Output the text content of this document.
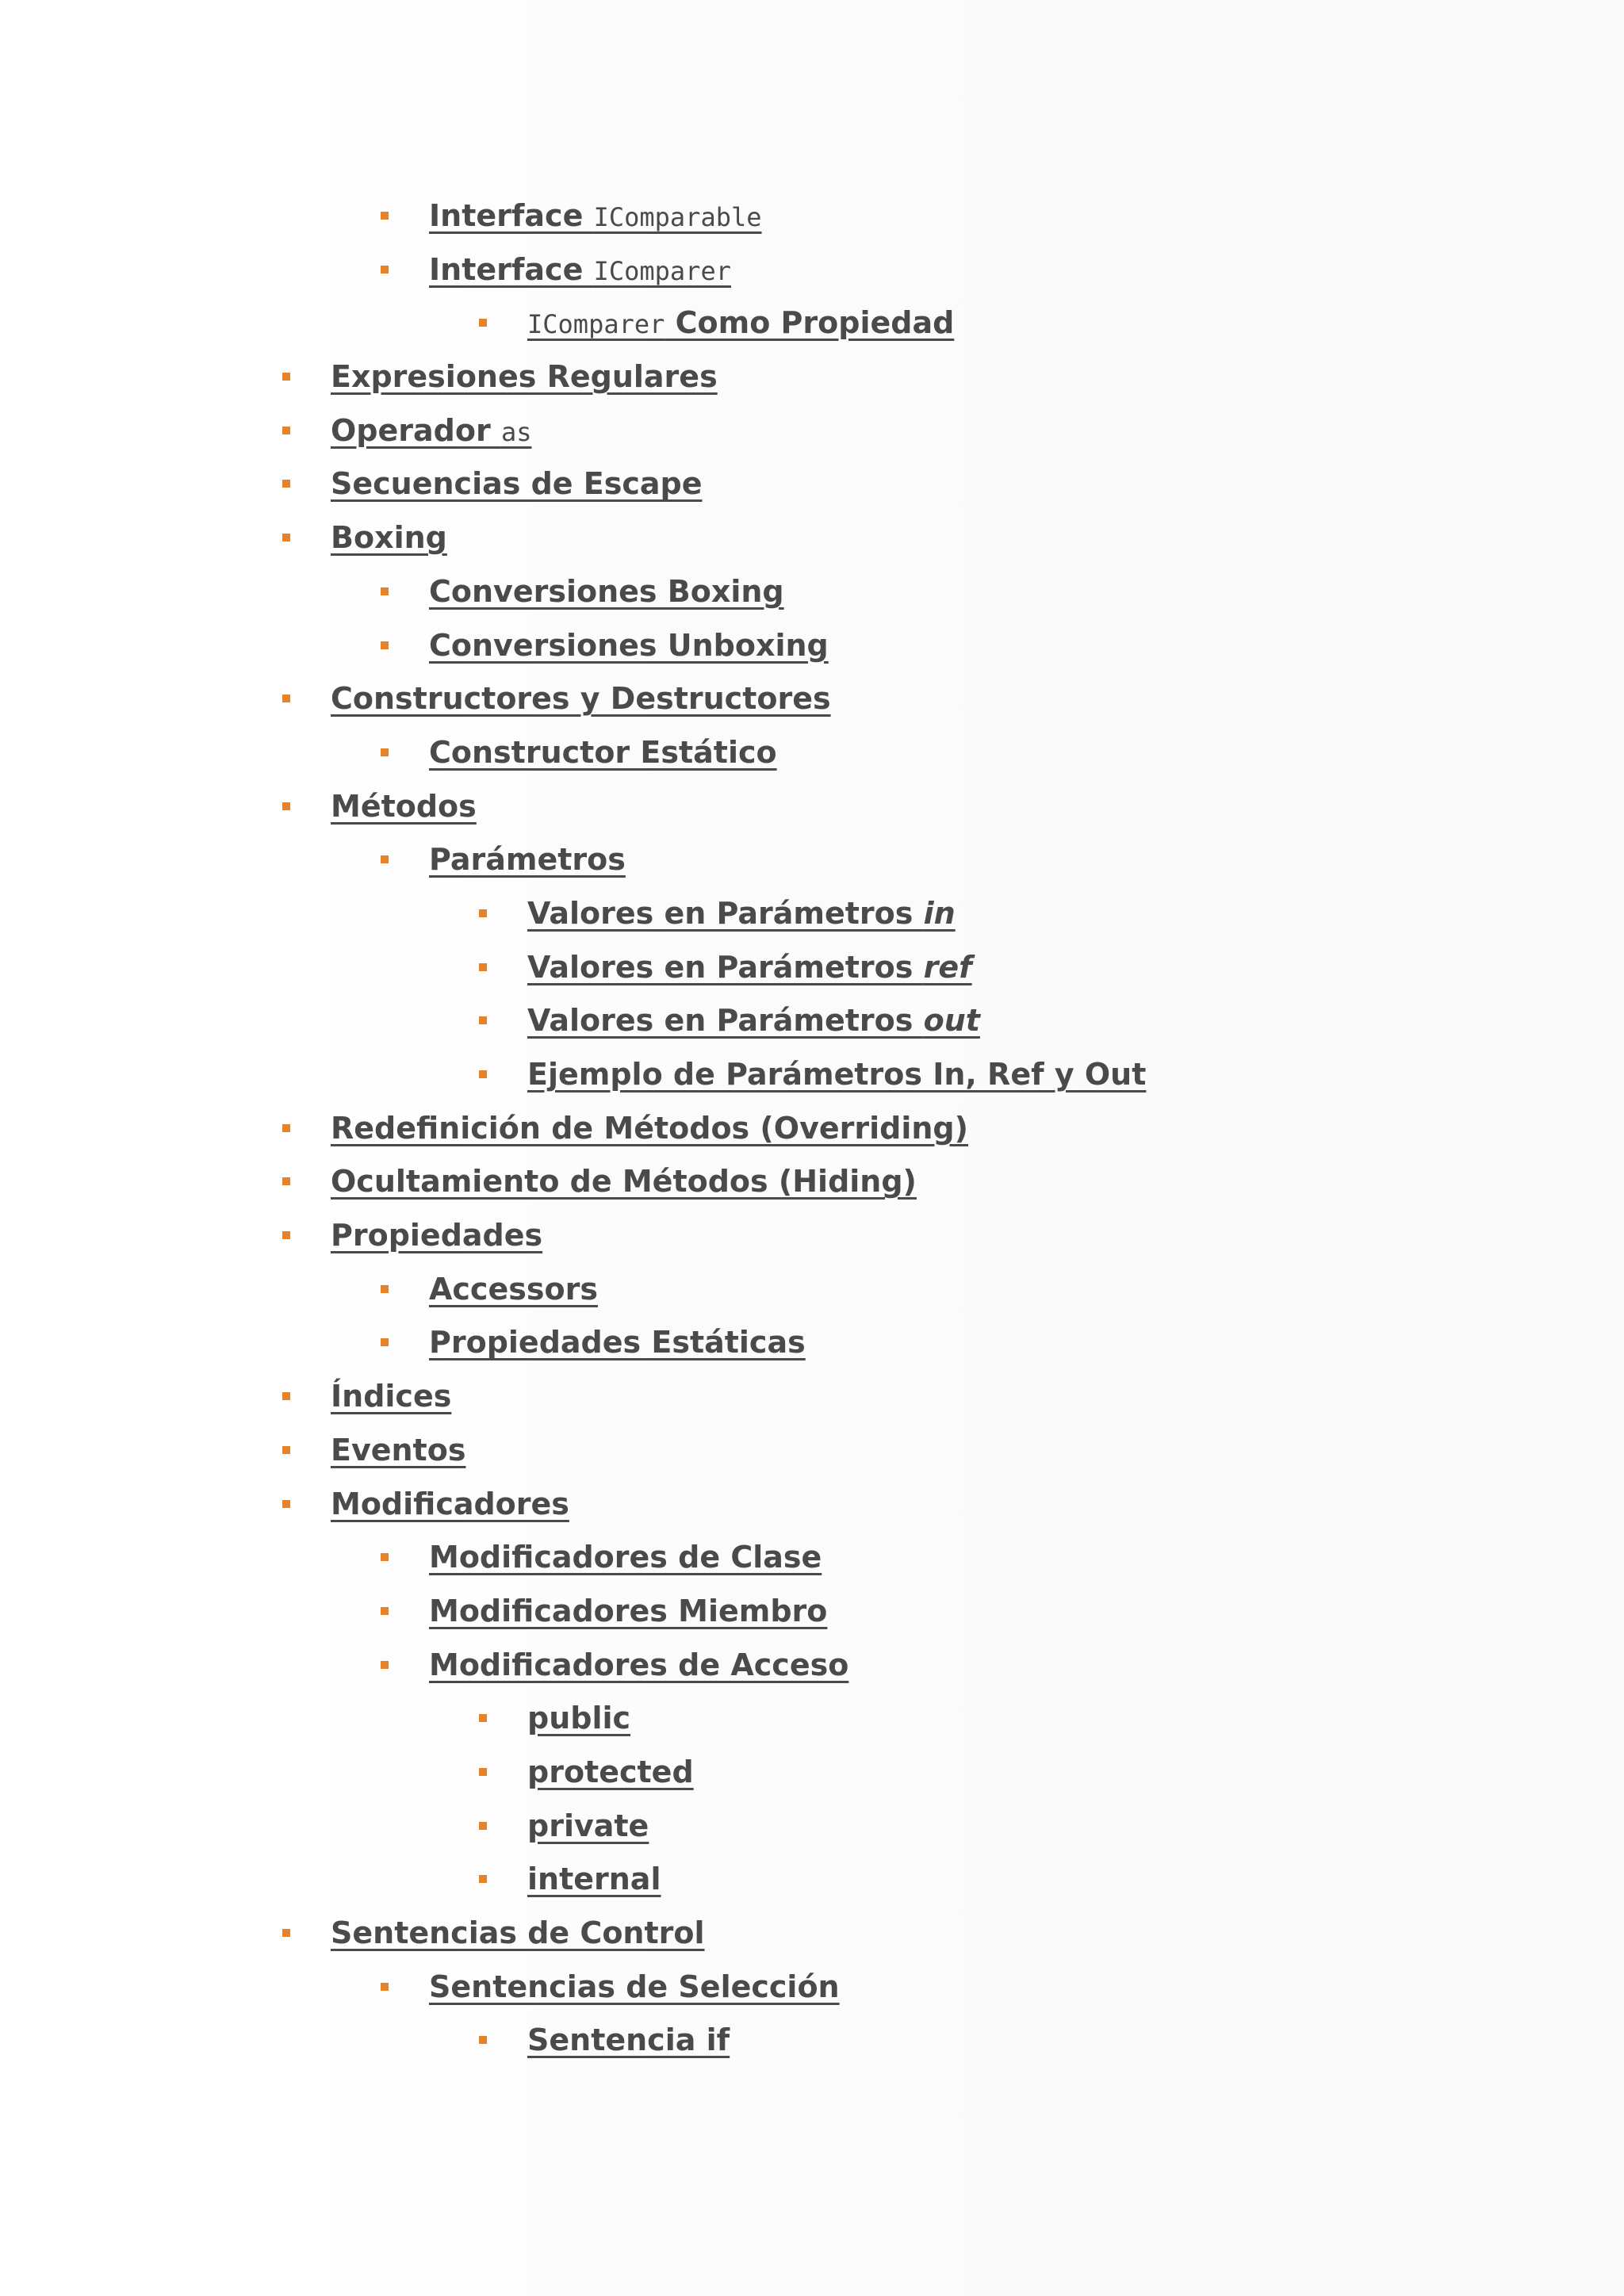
Interface IComparable
Interface IComparer
IComparer Como Propiedad
Expresiones Regulares
Operador as
Secuencias de Escape
Boxing
Conversiones Boxing
Conversiones Unboxing
Constructores y Destructores
Constructor Estático
Métodos
Parámetros
Valores en Parámetros in
Valores en Parámetros ref
Valores en Parámetros out
Ejemplo de Parámetros In, Ref y Out
Redefinición de Métodos (Overriding)
Ocultamiento de Métodos (Hiding)
Propiedades
Accessors
Propiedades Estáticas
Índices
Eventos
Modificadores
Modificadores de Clase
Modificadores Miembro
Modificadores de Acceso
public
protected
private
internal
Sentencias de Control
Sentencias de Selección
Sentencia if
